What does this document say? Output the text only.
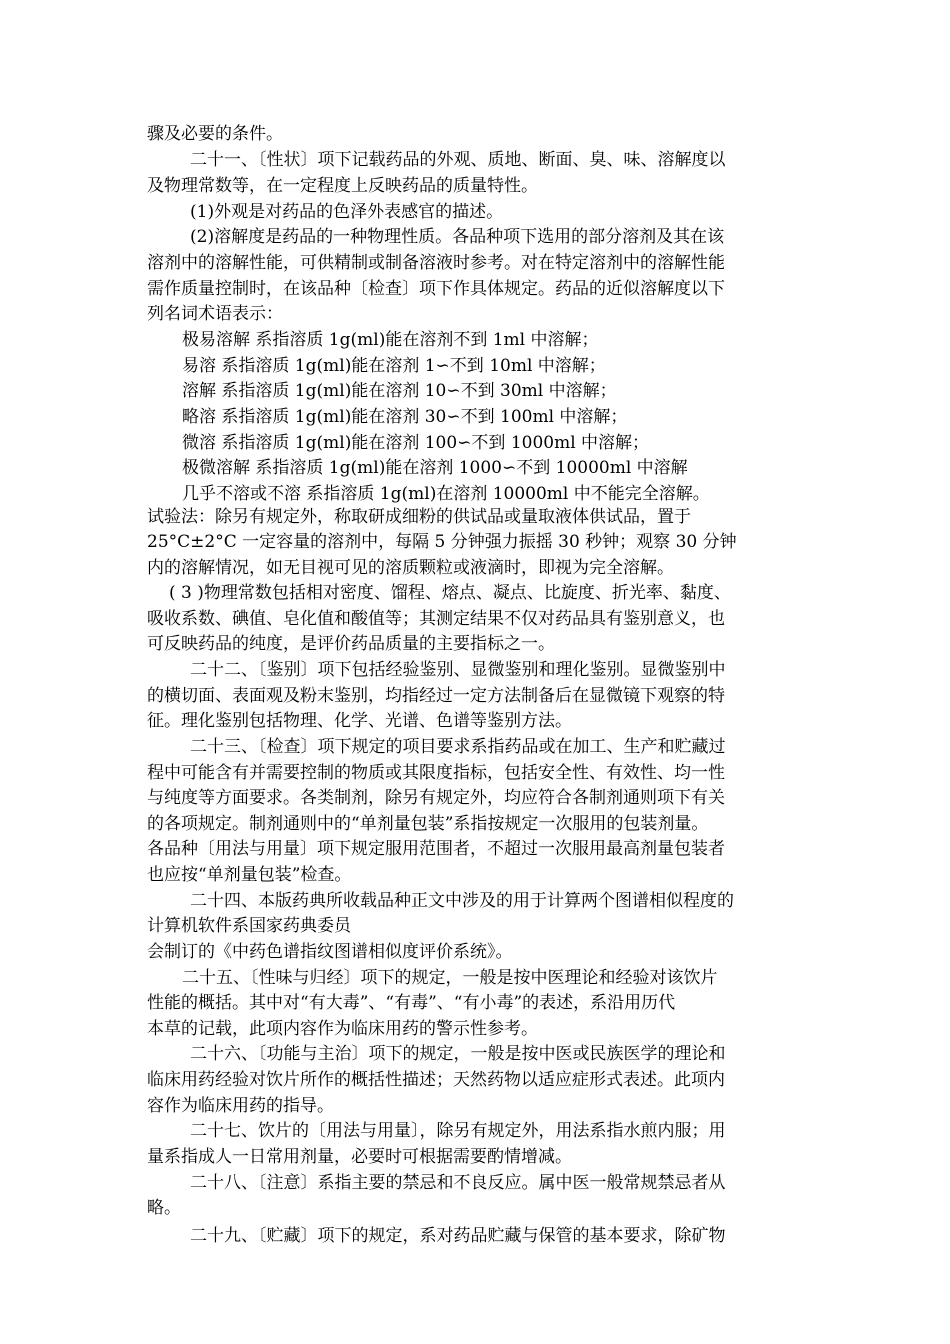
骤及必要的条件。

二十一、〔性状〕项下记载药品的外观、质地、断面、臭、味、溶解度以

及物理常数等，在一定程度上反映药品的质量特性。

(1)外观是对药品的色泽外表感官的描述。

(2)溶解度是药品的一种物理性质。各品种项下选用的部分溶剂及其在该

溶剂中的溶解性能，可供精制或制备溶液时参考。对在特定溶剂中的溶解性能

需作质量控制时，在该品种〔检查〕项下作具体规定。药品的近似溶解度以下

列名词术语表示：

极易溶解 系指溶质 1g(ml)能在溶剂不到 1ml 中溶解；

易溶 系指溶质 1g(ml)能在溶剂 1∽不到 10ml 中溶解；

溶解 系指溶质 1g(ml)能在溶剂 10∽不到 30ml 中溶解；

略溶 系指溶质 1g(ml)能在溶剂 30∽不到 100ml 中溶解；

微溶 系指溶质 1g(ml)能在溶剂 100∽不到 1000ml 中溶解；

极微溶解 系指溶质 1g(ml)能在溶剂 1000∽不到 10000ml 中溶解

几乎不溶或不溶 系指溶质 1g(ml)在溶剂 10000ml 中不能完全溶解。

试验法：除另有规定外，称取研成细粉的供试品或量取液体供试品，置于

25°C±2°C 一定容量的溶剂中，每隔 5 分钟强力振摇 30 秒钟；观察 30 分钟

内的溶解情况，如无目视可见的溶质颗粒或液滴时，即视为完全溶解。

( 3 )物理常数包括相对密度、馏程、熔点、凝点、比旋度、折光率、黏度、

吸收系数、碘值、皂化值和酸值等；其测定结果不仅对药品具有鉴别意义，也

可反映药品的纯度，是评价药品质量的主要指标之一。

二十二、〔鉴别〕项下包括经验鉴别、显微鉴别和理化鉴别。显微鉴别中

的横切面、表面观及粉末鉴别，均指经过一定方法制备后在显微镜下观察的特

征。理化鉴别包括物理、化学、光谱、色谱等鉴别方法。

二十三、〔检查〕项下规定的项目要求系指药品或在加工、生产和贮藏过

程中可能含有并需要控制的物质或其限度指标，包括安全性、有效性、均一性

与纯度等方面要求。各类制剂，除另有规定外，均应符合各制剂通则项下有关

的各项规定。制剂通则中的“单剂量包装”系指按规定一次服用的包装剂量。

各品种〔用法与用量〕项下规定服用范围者，不超过一次服用最高剂量包装者

也应按“单剂量包装”检查。

二十四、本版药典所收载品种正文中涉及的用于计算两个图谱相似程度的

计算机软件系国家药典委员

会制订的《中药色谱指纹图谱相似度评价系统》。

二十五、〔性味与归经〕项下的规定，一般是按中医理论和经验对该饮片

性能的概括。其中对“有大毒”、“有毒”、“有小毒”的表述，系沿用历代

本草的记载，此项内容作为临床用药的警示性参考。

二十六、〔功能与主治〕项下的规定，一般是按中医或民族医学的理论和

临床用药经验对饮片所作的概括性描述；天然药物以适应症形式表述。此项内

容作为临床用药的指导。

二十七、饮片的〔用法与用量〕，除另有规定外，用法系指水煎内服；用

量系指成人一日常用剂量，必要时可根据需要酌情增减。

二十八、〔注意〕系指主要的禁忌和不良反应。属中医一般常规禁忌者从

略。

二十九、〔贮藏〕项下的规定，系对药品贮藏与保管的基本要求，除矿物
